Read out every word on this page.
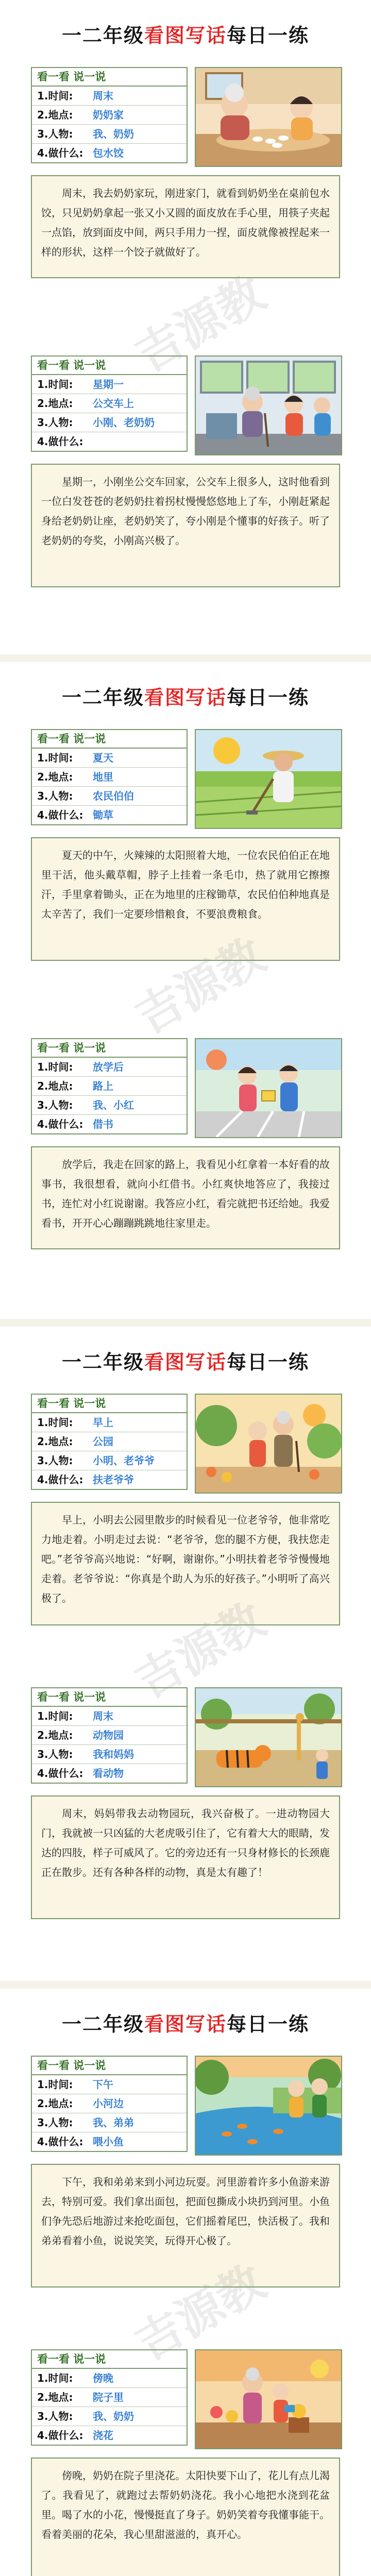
一二年级看图写话每日一练
看一看 说一说
1.时间: 周末
2.地点: 奶奶家
3.人物: 我、奶奶
4.做什么: 包水饺
周末，我去奶奶家玩，刚进家门，就看到奶奶坐在桌前包水饺，只见奶奶拿起一张又小又圆的面皮放在手心里，用筷子夹起一点馅，放到面皮中间，两只手用力一捏，面皮就像被捏起来一样的形状，这样一个饺子就做好了。
看一看 说一说
1.时间: 星期一
2.地点: 公交车上
3.人物: 小刚、老奶奶
4.做什么:
星期一，小刚坐公交车回家，公交车上很多人，这时他看到一位白发苍苍的老奶奶拄着拐杖慢慢悠悠地上了车，小刚赶紧起身给老奶奶让座，老奶奶笑了，夸小刚是个懂事的好孩子。听了老奶奶的夸奖，小刚高兴极了。
吉源教
一二年级看图写话每日一练
看一看 说一说
1.时间: 夏天
2.地点: 地里
3.人物: 农民伯伯
4.做什么: 锄草
夏天的中午，火辣辣的太阳照着大地，一位农民伯伯正在地里干活，他头戴草帽，脖子上挂着一条毛巾，热了就用它擦擦汗，手里拿着锄头，正在为地里的庄稼锄草，农民伯伯种地真是太辛苦了，我们一定要珍惜粮食，不要浪费粮食。
看一看 说一说
1.时间: 放学后
2.地点: 路上
3.人物: 我、小红
4.做什么: 借书
放学后，我走在回家的路上，我看见小红拿着一本好看的故事书，我很想看，就向小红借书。小红爽快地答应了，我接过书，连忙对小红说谢谢。我答应小红，看完就把书还给她。我爱看书，开开心心蹦蹦跳跳地往家里走。
吉源教
一二年级看图写话每日一练
看一看 说一说
1.时间: 早上
2.地点: 公园
3.人物: 小明、老爷爷
4.做什么: 扶老爷爷
早上，小明去公园里散步的时候看见一位老爷爷，他非常吃力地走着。小明走过去说：“老爷爷，您的腿不方便，我扶您走吧。”老爷爷高兴地说：“好啊，谢谢你。”小明扶着老爷爷慢慢地走着。老爷爷说：“你真是个助人为乐的好孩子。”小明听了高兴极了。
看一看 说一说
1.时间: 周末
2.地点: 动物园
3.人物: 我和妈妈
4.做什么: 看动物
周末，妈妈带我去动物园玩，我兴奋极了。一进动物园大门，我就被一只凶猛的大老虎吸引住了，它有着大大的眼睛，发达的四肢，样子可威风了。它的旁边还有一只身材修长的长颈鹿正在散步。还有各种各样的动物，真是太有趣了！
吉源教
一二年级看图写话每日一练
看一看 说一说
1.时间: 下午
2.地点: 小河边
3.人物: 我、弟弟
4.做什么: 喂小鱼
下午，我和弟弟来到小河边玩耍。河里游着许多小鱼游来游去，特别可爱。我们拿出面包，把面包撕成小块扔到河里。小鱼们争先恐后地游过来抢吃面包，它们摇着尾巴，快活极了。我和弟弟看着小鱼，说说笑笑，玩得开心极了。
看一看 说一说
1.时间: 傍晚
2.地点: 院子里
3.人物: 我、奶奶
4.做什么: 浇花
傍晚，奶奶在院子里浇花。太阳快要下山了，花儿有点儿渴了。我看见了，就跑过去帮奶奶浇花。我小心地把水浇到花盆里。喝了水的小花，慢慢挺直了身子。奶奶笑着夸我懂事能干。看着美丽的花朵，我心里甜滋滋的，真开心。
吉源教
